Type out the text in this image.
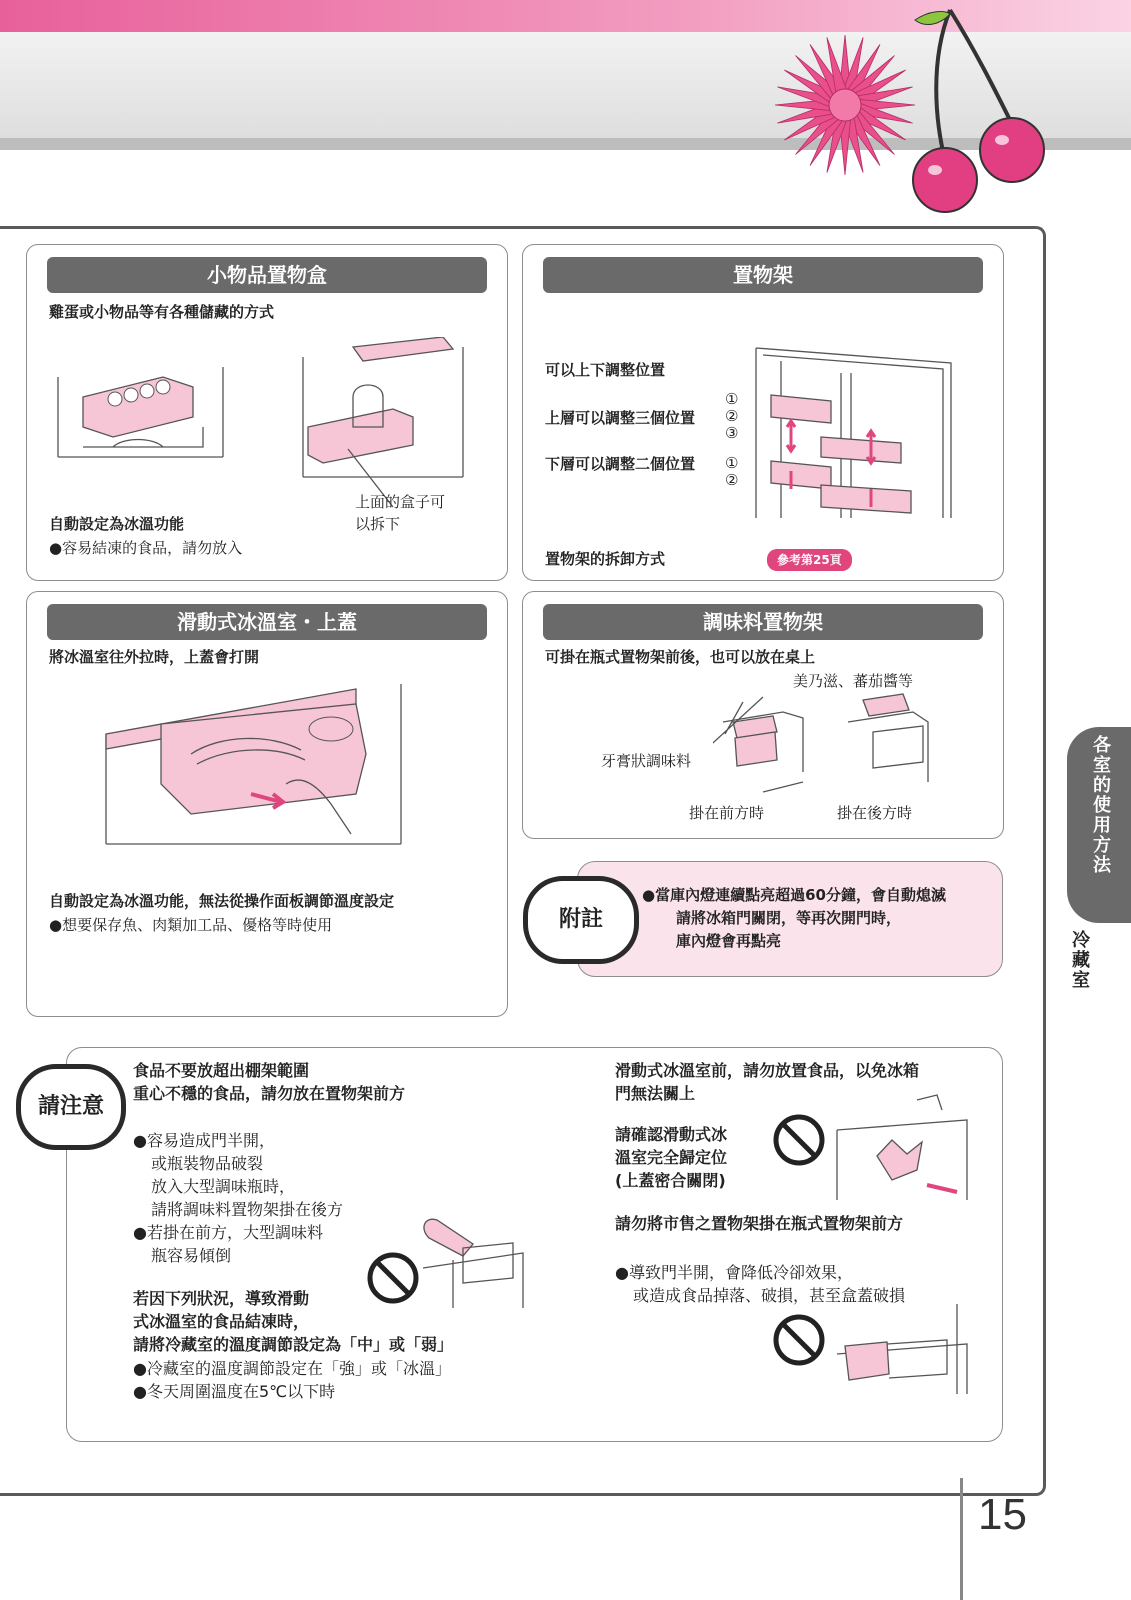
小物品置物盒
雞蛋或小物品等有各種儲藏的方式
上面的盒子可
以拆下
自動設定為冰溫功能
●容易結凍的食品，請勿放入
置物架
可以上下調整位置
上層可以調整三個位置
下層可以調整二個位置
①
②
③
①
②
置物架的拆卸方式	參考第25頁
滑動式冰溫室・上蓋
將冰溫室往外拉時，上蓋會打開
自動設定為冰溫功能，無法從操作面板調節溫度設定
●想要保存魚、肉類加工品、優格等時使用
調味料置物架
可掛在瓶式置物架前後，也可以放在桌上
美乃滋、蕃茄醬等
牙膏狀調味料
掛在前方時	掛在後方時
●當庫內燈連續點亮超過60分鐘，會自動熄滅
請將冰箱門關閉，等再次開門時，
庫內燈會再點亮
附註
食品不要放超出棚架範圍
重心不穩的食品，請勿放在置物架前方
●容易造成門半開，
或瓶裝物品破裂
放入大型調味瓶時，
請將調味料置物架掛在後方
●若掛在前方，大型調味料
瓶容易傾倒
若因下列狀況，導致滑動
式冰溫室的食品結凍時，
請將冷藏室的溫度調節設定為「中」或「弱」
●冷藏室的溫度調節設定在「強」或「冰溫」
●冬天周圍溫度在5℃以下時
滑動式冰溫室前，請勿放置食品，以免冰箱
門無法關上
請確認滑動式冰
溫室完全歸定位
(上蓋密合關閉)
請勿將市售之置物架掛在瓶式置物架前方
●導致門半開，會降低冷卻效果，
或造成食品掉落、破損，甚至盒蓋破損
請注意
各室的使用方法
冷藏室
15
